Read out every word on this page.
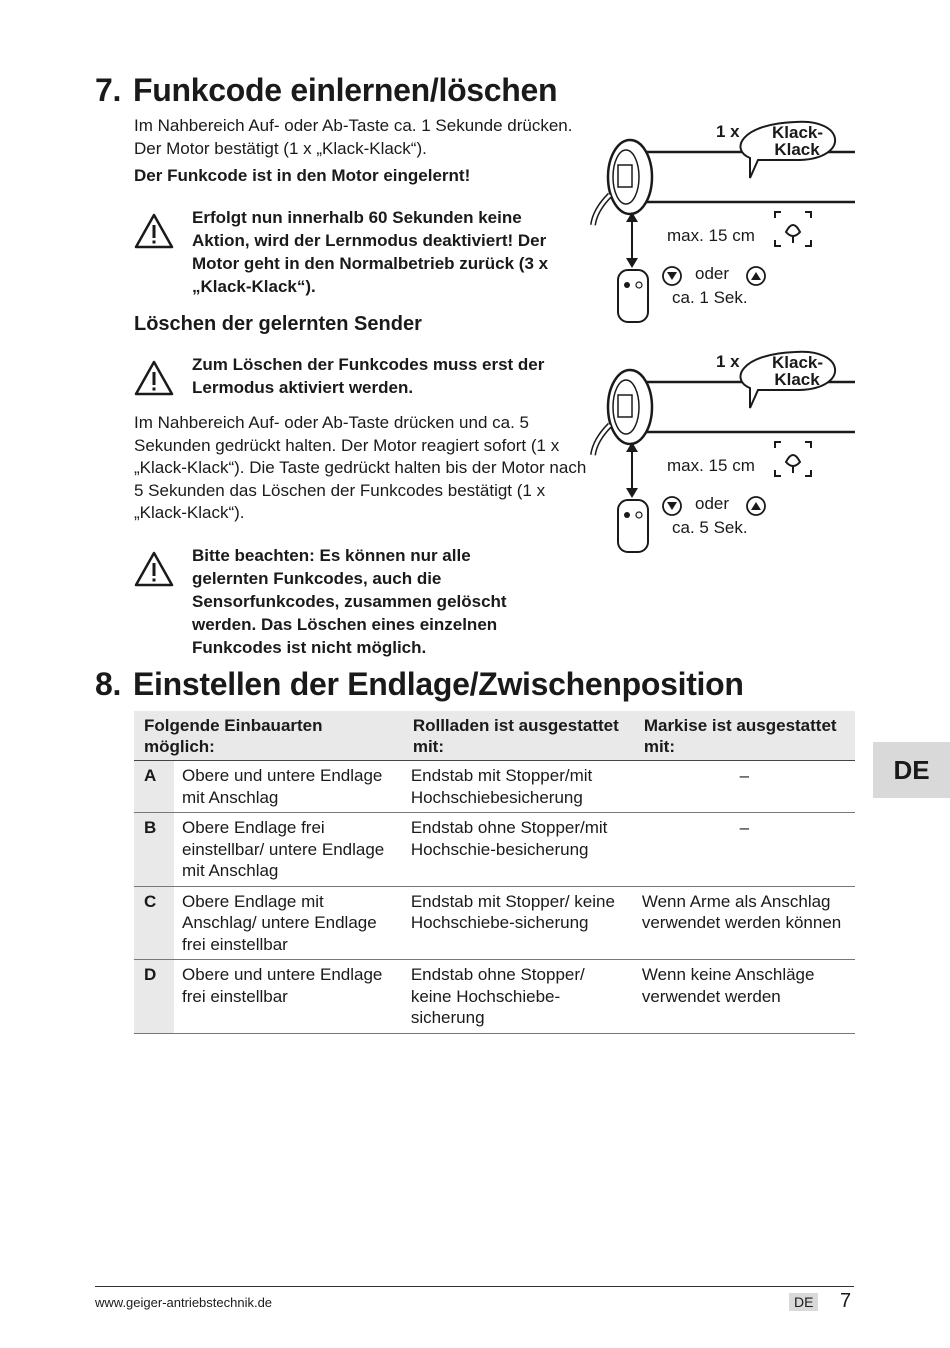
7. Funkcode einlernen/löschen
Im Nahbereich Auf- oder Ab-Taste ca. 1 Sekunde drücken. Der Motor bestätigt (1 x „Klack-Klack“).
Der Funkcode ist in den Motor eingelernt!
Erfolgt nun innerhalb 60 Sekunden keine Aktion, wird der Lernmodus deaktiviert! Der Motor geht in den Normalbetrieb zurück (3 x „Klack-Klack“).
Löschen der gelernten Sender
Zum Löschen der Funkcodes muss erst der Lermodus aktiviert werden.
Im Nahbereich Auf- oder Ab-Taste drücken und ca. 5 Sekunden gedrückt halten. Der Motor reagiert sofort (1 x „Klack-Klack“). Die Taste gedrückt halten bis der Motor nach 5 Sekunden das Löschen der Funkcodes bestätigt (1 x „Klack-Klack“).
Bitte beachten: Es können nur alle gelernten Funkcodes, auch die Sensorfunkcodes, zusammen gelöscht werden. Das Löschen eines einzelnen Funkcodes ist nicht möglich.
1 x Klack-
Klack
max. 15 cm
oder
ca. 1 Sek.
1 x Klack-
Klack
max. 15 cm
oder
ca. 5 Sek.
8. Einstellen der Endlage/Zwischenposition
Folgende Einbauarten möglich:		Rollladen ist ausgestattet mit:	Markise ist ausgestattet mit:
A	Obere und untere Endlage mit Anschlag	Endstab mit Stopper/mit Hochschiebesicherung	–
B	Obere Endlage frei einstellbar/ untere Endlage mit Anschlag	Endstab ohne Stopper/mit Hochschie-besicherung	–
C	Obere Endlage mit Anschlag/ untere Endlage frei einstellbar	Endstab mit Stopper/ keine Hochschiebe-sicherung	Wenn Arme als Anschlag verwendet werden können
D	Obere und untere Endlage frei einstellbar	Endstab ohne Stopper/ keine Hochschiebe-sicherung	Wenn keine Anschläge verwendet werden
DE
www.geiger-antriebstechnik.de	DE 7
